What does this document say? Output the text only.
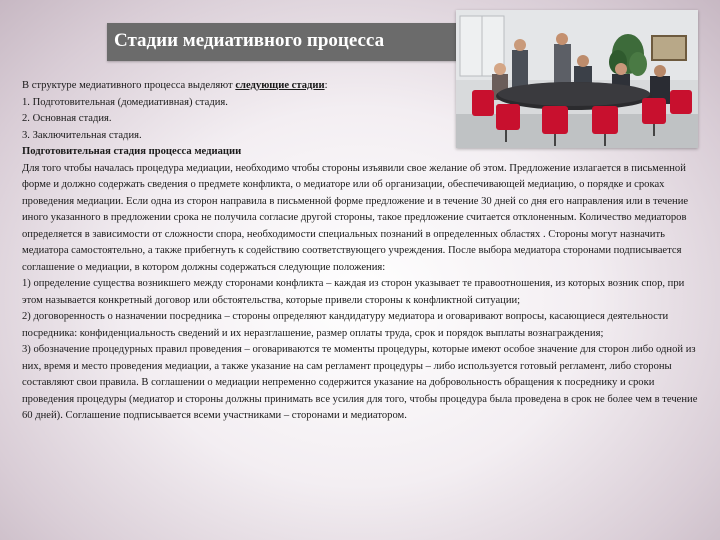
Стадии медиативного процесса

В структуре медиативного процесса выделяют следующие стадии:

1. Подготовительная (домедиативная) стадия.

2. Основная стадия.

3. Заключительная стадия.

Подготовительная стадия процесса медиации

Для того чтобы началась процедура медиации, необходимо чтобы стороны изъявили свое желание об этом. Предложение излагается в письменной форме и должно содержать сведения о предмете конфликта, о медиаторе или об организации, обеспечивающей медиацию, о порядке и сроках проведения медиации. Если одна из сторон направила в письменной форме предложение и в течение 30 дней со дня его направления или в течение иного указанного в предложении срока не получила согласие другой стороны, такое предложение считается отклоненным. Количество медиаторов определяется в зависимости от сложности спора, необходимости специальных познаний в определенных областях . Стороны могут назначить медиатора самостоятельно, а также прибегнуть к содействию соответствующего учреждения. После выбора медиатора сторонами подписывается соглашение о медиации, в котором должны содержаться следующие положения:

1) определение существа возникшего между сторонами конфликта – каждая из сторон указывает те правоотношения, из которых возник спор, при этом называется конкретный договор или обстоятельства, которые привели стороны к конфликтной ситуации;

2) договоренность о назначении посредника – стороны определяют кандидатуру медиатора и оговаривают вопросы, касающиеся деятельности посредника: конфиденциальность сведений и их неразглашение, размер оплаты труда, срок и порядок выплаты вознаграждения;

3) обозначение процедурных правил проведения – оговариваются те моменты процедуры, которые имеют особое значение для сторон либо одной из них, время и место проведения медиации, а также указание на сам регламент процедуры – либо используется готовый регламент, либо стороны составляют свои правила. В соглашении о медиации непременно содержится указание на добровольность обращения к посреднику и сроки проведения процедуры (медиатор и стороны должны принимать все усилия для того, чтобы процедура была проведена в срок не более чем в течение 60 дней). Соглашение подписывается всеми участниками – сторонами и медиатором.
